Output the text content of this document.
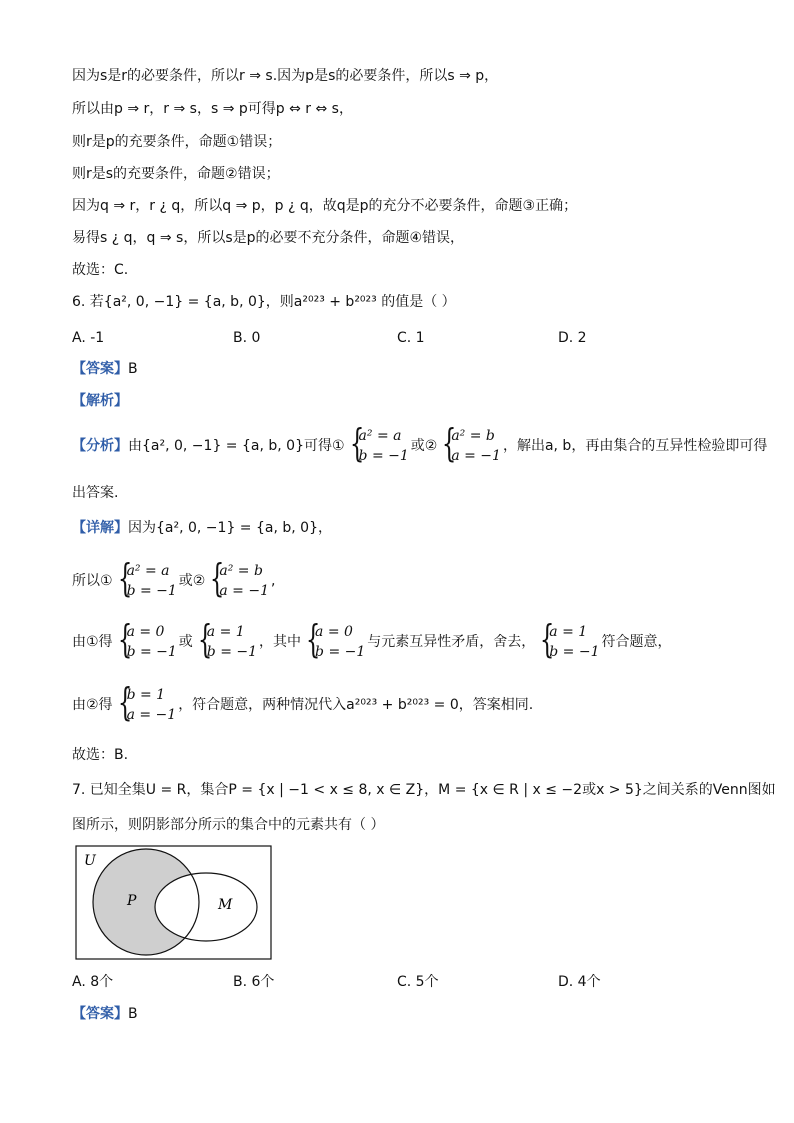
因为s是r的必要条件，所以r ⇒ s.因为p是s的必要条件，所以s ⇒ p，
所以由p ⇒ r，r ⇒ s，s ⇒ p可得p ⇔ r ⇔ s，
则r是p的充要条件，命题①错误；
则r是s的充要条件，命题②错误；
因为q ⇒ r，r ¿ q，所以q ⇒ p，p ¿ q，故q是p的充分不必要条件，命题③正确；
易得s ¿ q，q ⇒ s，所以s是p的必要不充分条件，命题④错误，
故选：C.
6. 若{a², 0, −1} = {a, b, 0}，则a²⁰²³ + b²⁰²³ 的值是（ ）
A. -1	B. 0	C. 1	D. 2
【答案】B
【解析】
【分析】由{a², 0, −1} = {a, b, 0}可得①
{ a² = a
b = −1
或②
{ a² = b
a = −1
，解出a, b，再由集合的互异性检验即可得
出答案.
【详解】因为{a², 0, −1} = {a, b, 0}，
所以①
{ a² = a
b = −1
或②
{ a² = b
a = −1
,
由①得
{ a = 0
b = −1
或
{ a = 1
b = −1
，其中
{ a = 0
b = −1
与元素互异性矛盾，舍去，
{ a = 1
b = −1
符合题意，
由②得
{ b = 1
a = −1
，符合题意，两种情况代入a²⁰²³ + b²⁰²³ = 0，答案相同.
故选：B.
7. 已知全集U = R，集合P = {x | −1 < x ≤ 8, x ∈ Z}，M = {x ∈ R | x ≤ −2或x > 5}之间关系的Venn图如
图所示，则阴影部分所示的集合中的元素共有（ ）
U
P	M
A. 8个	B. 6个	C. 5个	D. 4个
【答案】B
